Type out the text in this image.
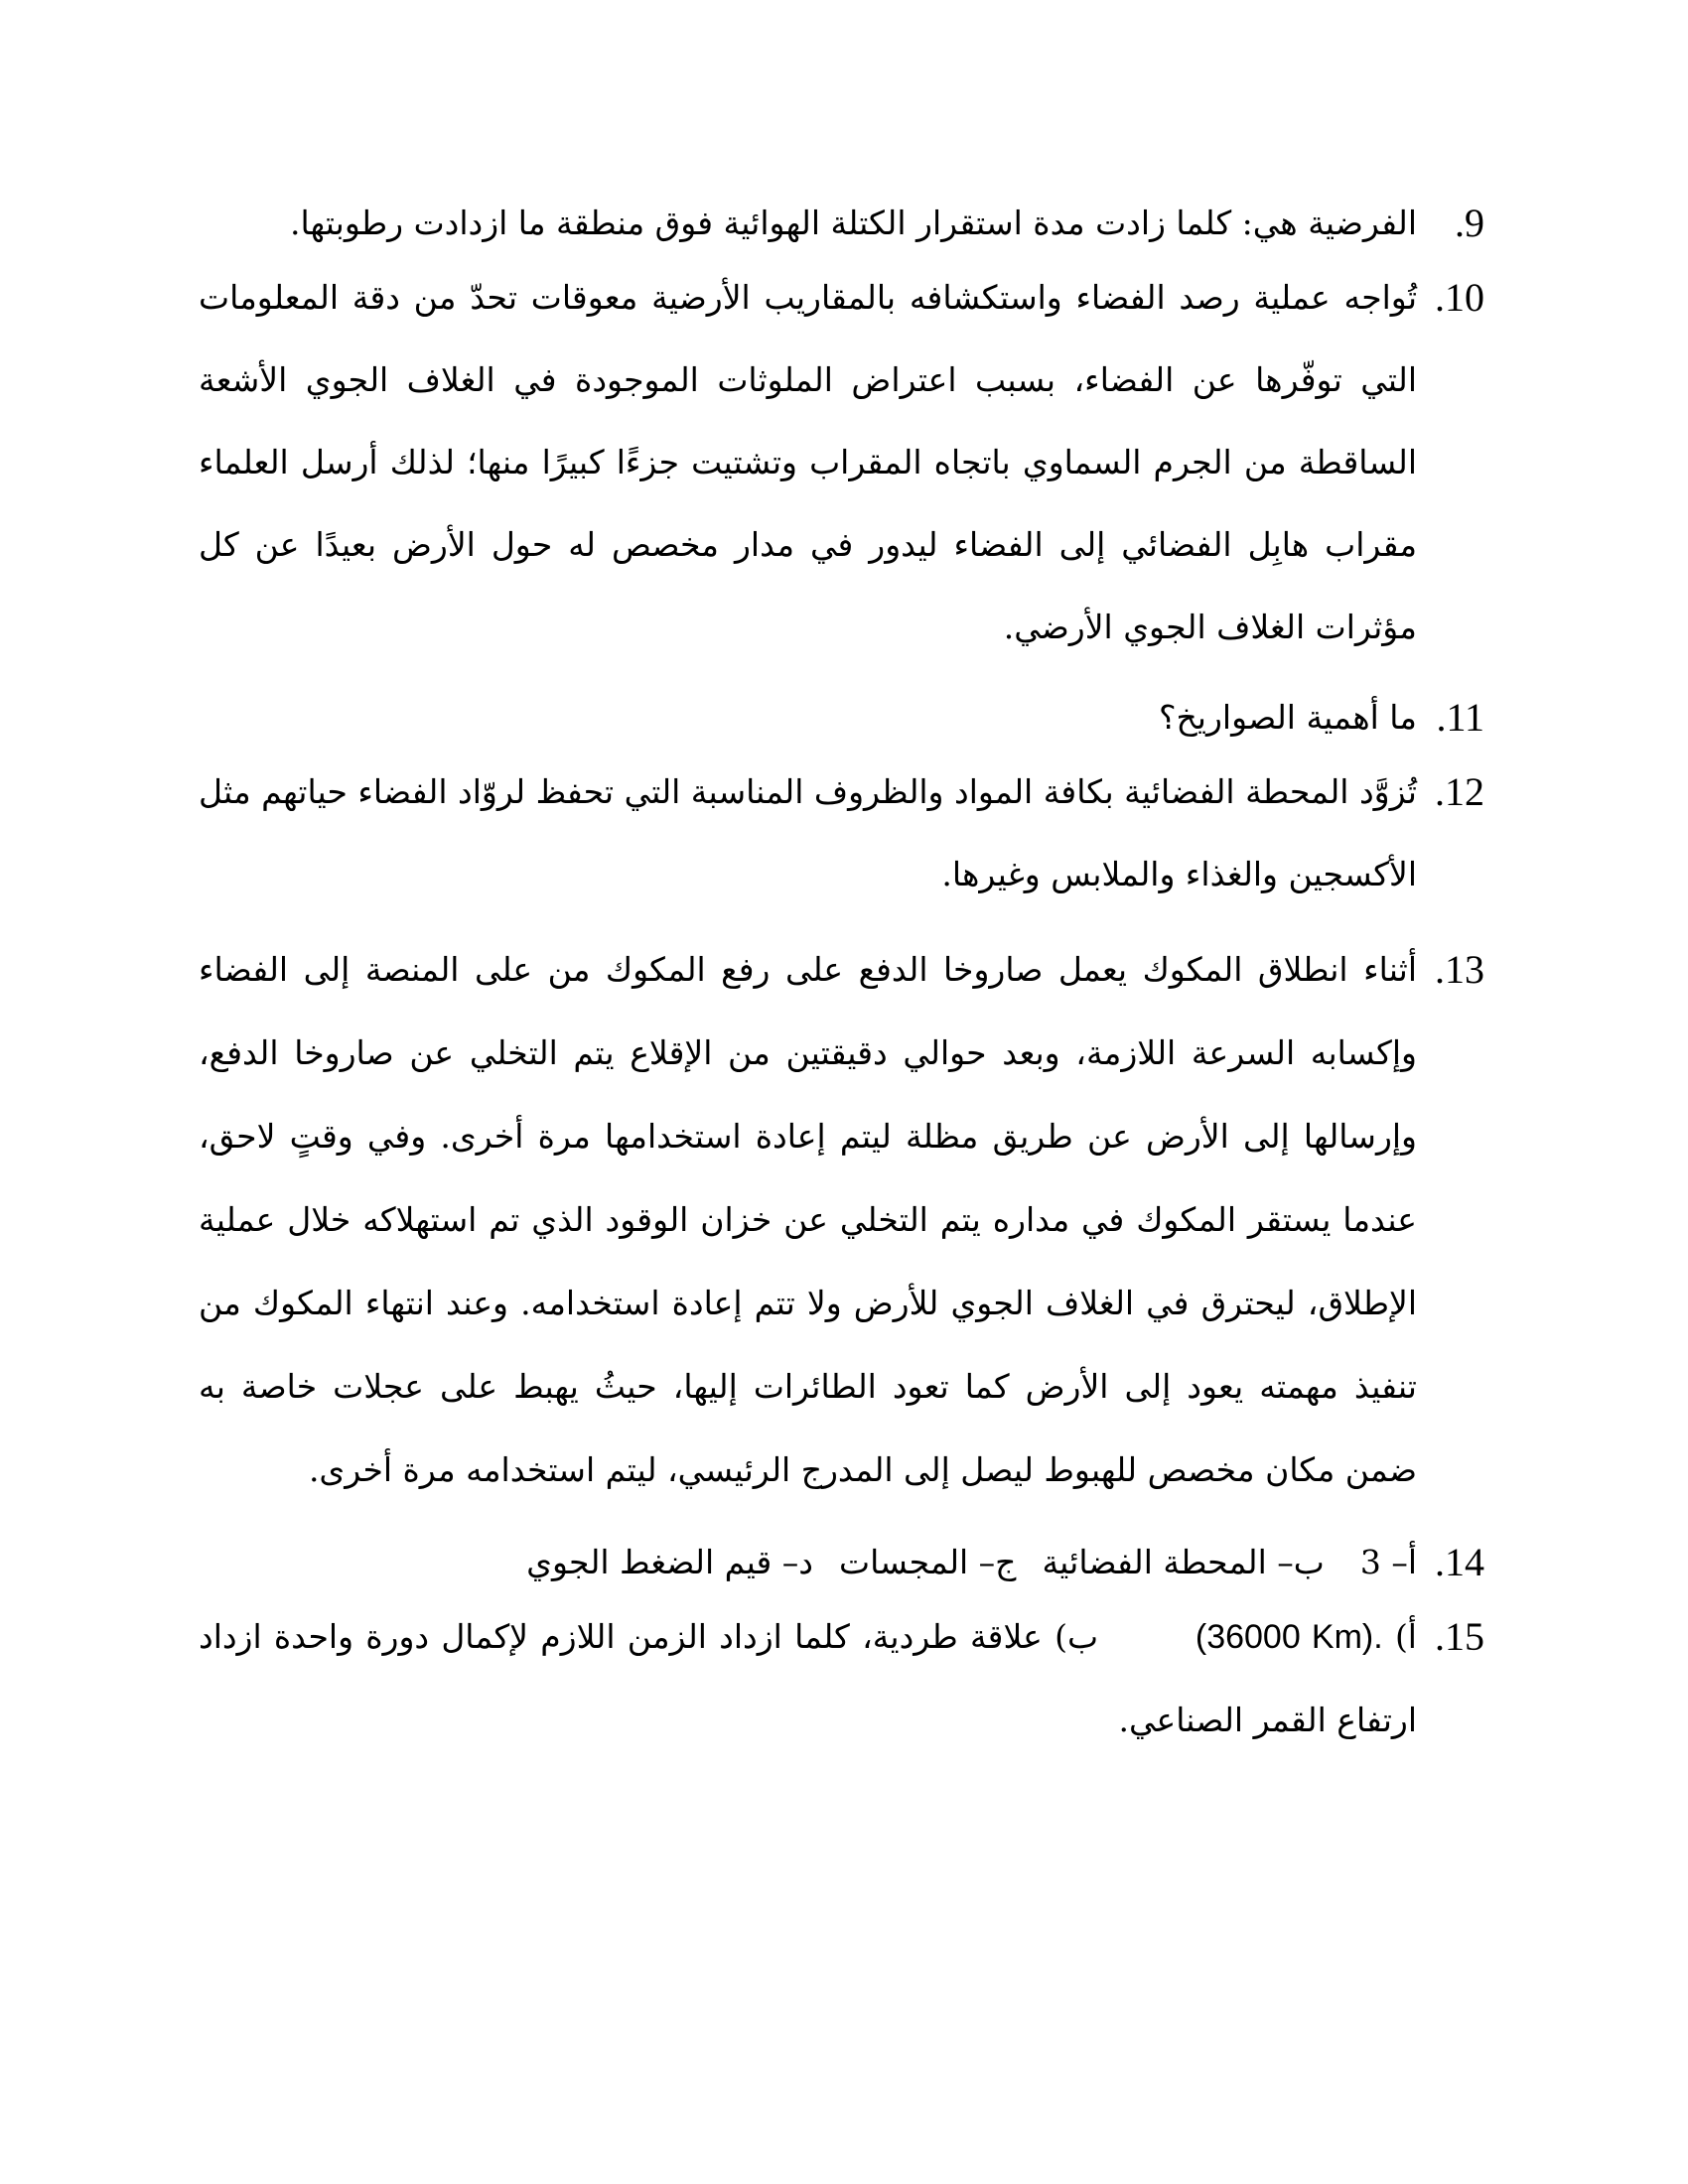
9.
الفرضية هي: كلما زادت مدة استقرار الكتلة الهوائية فوق منطقة ما ازدادت رطوبتها.
10.
تُواجه عملية رصد الفضاء واستكشافه بالمقاريب الأرضية معوقات تحدّ من دقة المعلومات التي توفّرها عن الفضاء، بسبب اعتراض الملوثات الموجودة في الغلاف الجوي الأشعة الساقطة من الجرم السماوي باتجاه المقراب وتشتيت جزءًا كبيرًا منها؛ لذلك أرسل العلماء مقراب هابِل الفضائي إلى الفضاء ليدور في مدار مخصص له حول الأرض بعيدًا عن كل مؤثرات الغلاف الجوي الأرضي.
11.
ما أهمية الصواريخ؟
12.
تُزوَّد المحطة الفضائية بكافة المواد والظروف المناسبة التي تحفظ لروّاد الفضاء حياتهم مثل الأكسجين والغذاء والملابس وغيرها.
13.
أثناء انطلاق المكوك يعمل صاروخا الدفع على رفع المكوك من على المنصة إلى الفضاء وإكسابه السرعة اللازمة، وبعد حوالي دقيقتين من الإقلاع يتم التخلي عن صاروخا الدفع، وإرسالها إلى الأرض عن طريق مظلة ليتم إعادة استخدامها مرة أخرى. وفي وقتٍ لاحق، عندما يستقر المكوك في مداره يتم التخلي عن خزان الوقود الذي تم استهلاكه خلال عملية الإطلاق، ليحترق في الغلاف الجوي للأرض ولا تتم إعادة استخدامه. وعند انتهاء المكوك من تنفيذ مهمته يعود إلى الأرض كما تعود الطائرات إليها، حيثُ يهبط على عجلات خاصة به ضمن مكان مخصص للهبوط ليصل إلى المدرج الرئيسي، ليتم استخدامه مرة أخرى.
14.
أ– 3
ب– المحطة الفضائية
ج– المجسات
د– قيم الضغط الجوي
15.
أ) (36000 Km).        ب) علاقة طردية، كلما ازداد الزمن اللازم لإكمال دورة واحدة ازداد ارتفاع القمر الصناعي.
